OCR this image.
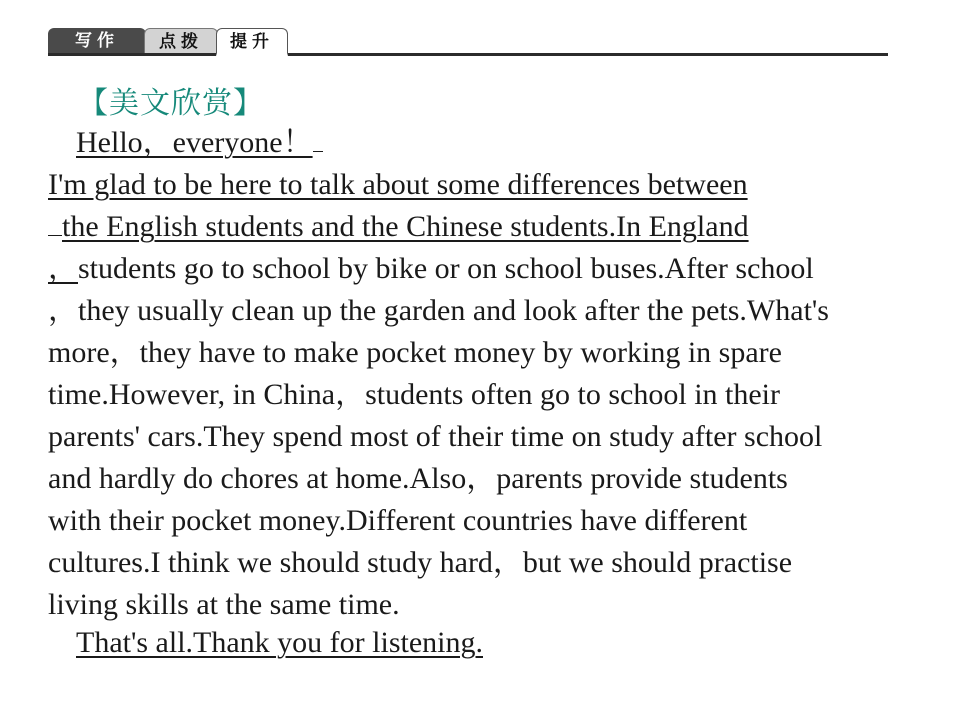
写作	点拨	提升
【美文欣赏】
Hello，everyone！
I'm glad to be here to talk about some differences between
the English students and the Chinese students.In England
，students go to school by bike or on school buses.After school
，they usually clean up the garden and look after the pets.What's
more，they have to make pocket money by working in spare
time.However, in China，students often go to school in their
parents' cars.They spend most of their time on study after school
and hardly do chores at home.Also，parents provide students
with their pocket money.Different countries have different
cultures.I think we should study hard，but we should practise
living skills at the same time.
That's all.Thank you for listening.
